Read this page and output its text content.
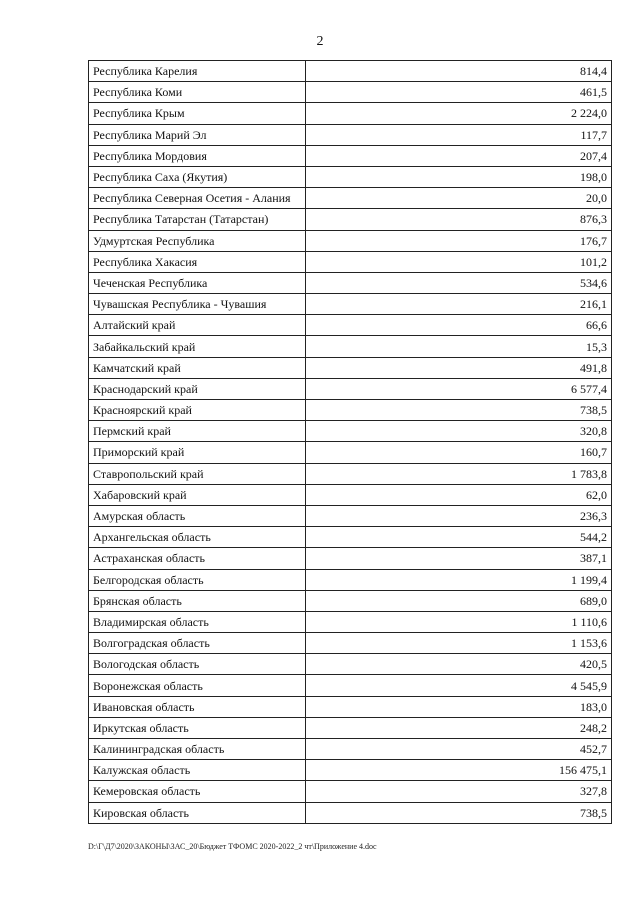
2
Республика Карелия	814,4
Республика Коми	461,5
Республика Крым	2 224,0
Республика Марий Эл	117,7
Республика Мордовия	207,4
Республика Саха (Якутия)	198,0
Республика Северная Осетия - Алания	20,0
Республика Татарстан (Татарстан)	876,3
Удмуртская Республика	176,7
Республика Хакасия	101,2
Чеченская Республика	534,6
Чувашская Республика - Чувашия	216,1
Алтайский край	66,6
Забайкальский край	15,3
Камчатский край	491,8
Краснодарский край	6 577,4
Красноярский край	738,5
Пермский край	320,8
Приморский край	160,7
Ставропольский край	1 783,8
Хабаровский край	62,0
Амурская область	236,3
Архангельская область	544,2
Астраханская область	387,1
Белгородская область	1 199,4
Брянская область	689,0
Владимирская область	1 110,6
Волгоградская область	1 153,6
Вологодская область	420,5
Воронежская область	4 545,9
Ивановская область	183,0
Иркутская область	248,2
Калининградская область	452,7
Калужская область	156 475,1
Кемеровская область	327,8
Кировская область	738,5
D:\Г\Д7\2020\ЗАКОНЫ\ЗАС_20\Бюджет ТФОМС 2020-2022_2 чт\Приложение 4.doc
